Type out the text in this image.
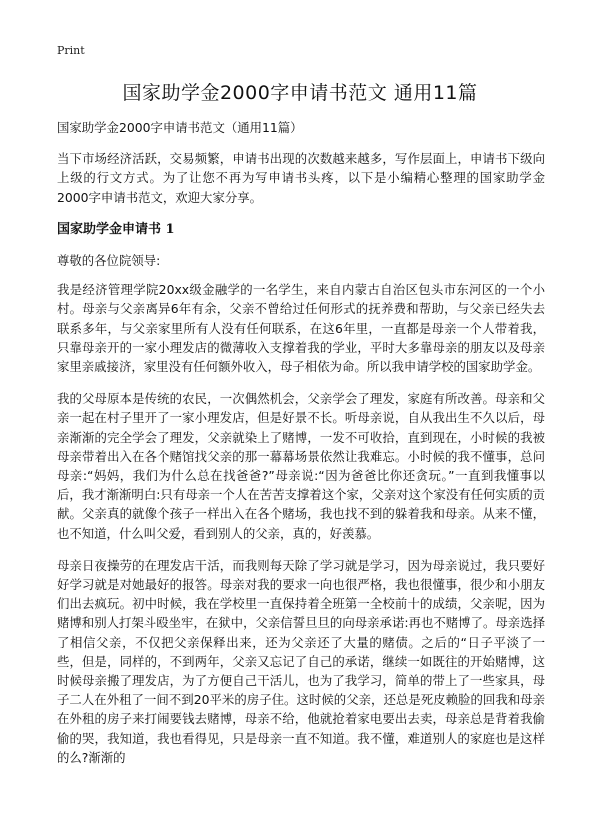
Print
国家助学金2000字申请书范文 通用11篇

国家助学金2000字申请书范文（通用11篇）

当下市场经济活跃，交易频繁，申请书出现的次数越来越多，写作层面上，申请书下级向上级的行文方式。为了让您不再为写申请书头疼，以下是小编精心整理的国家助学金2000字申请书范文，欢迎大家分享。

国家助学金申请书 1

尊敬的各位院领导:

我是经济管理学院20xx级金融学的一名学生，来自内蒙古自治区包头市东河区的一个小村。母亲与父亲离异6年有余，父亲不曾给过任何形式的抚养费和帮助，与父亲已经失去联系多年，与父亲家里所有人没有任何联系，在这6年里，一直都是母亲一个人带着我，只靠母亲开的一家小理发店的微薄收入支撑着我的学业，平时大多靠母亲的朋友以及母亲家里亲戚接济，家里没有任何额外收入，母子相依为命。所以我申请学校的国家助学金。

我的父母原本是传统的农民，一次偶然机会，父亲学会了理发，家庭有所改善。母亲和父亲一起在村子里开了一家小理发店，但是好景不长。听母亲说，自从我出生不久以后，母亲渐渐的完全学会了理发，父亲就染上了赌博，一发不可收拾，直到现在，小时候的我被母亲带着出入在各个赌馆找父亲的那一幕幕场景依然让我难忘。小时候的我不懂事，总问母亲:“妈妈，我们为什么总在找爸爸?”母亲说:“因为爸爸比你还贪玩。”一直到我懂事以后，我才渐渐明白:只有母亲一个人在苦苦支撑着这个家，父亲对这个家没有任何实质的贡献。父亲真的就像个孩子一样出入在各个赌场，我也找不到的躲着我和母亲。从来不懂，也不知道，什么叫父爱，看到别人的父亲，真的，好羡慕。

母亲日夜操劳的在理发店干活，而我则每天除了学习就是学习，因为母亲说过，我只要好好学习就是对她最好的报答。母亲对我的要求一向也很严格，我也很懂事，很少和小朋友们出去疯玩。初中时候，我在学校里一直保持着全班第一全校前十的成绩，父亲呢，因为赌博和别人打架斗殴坐牢，在狱中，父亲信誓旦旦的向母亲承诺:再也不赌博了。母亲选择了相信父亲，不仅把父亲保释出来，还为父亲还了大量的赌债。之后的“日子平淡了一些，但是，同样的，不到两年，父亲又忘记了自己的承诺，继续一如既往的开始赌博，这时候母亲搬了理发店，为了方便自己干活儿，也为了我学习，简单的带上了一些家具，母子二人在外租了一间不到20平米的房子住。这时候的父亲，还总是死皮赖脸的回我和母亲在外租的房子来打闹要钱去赌博，母亲不给，他就抢着家电要出去卖，母亲总是背着我偷偷的哭，我知道，我也看得见，只是母亲一直不知道。我不懂，难道别人的家庭也是这样的么?渐渐的
